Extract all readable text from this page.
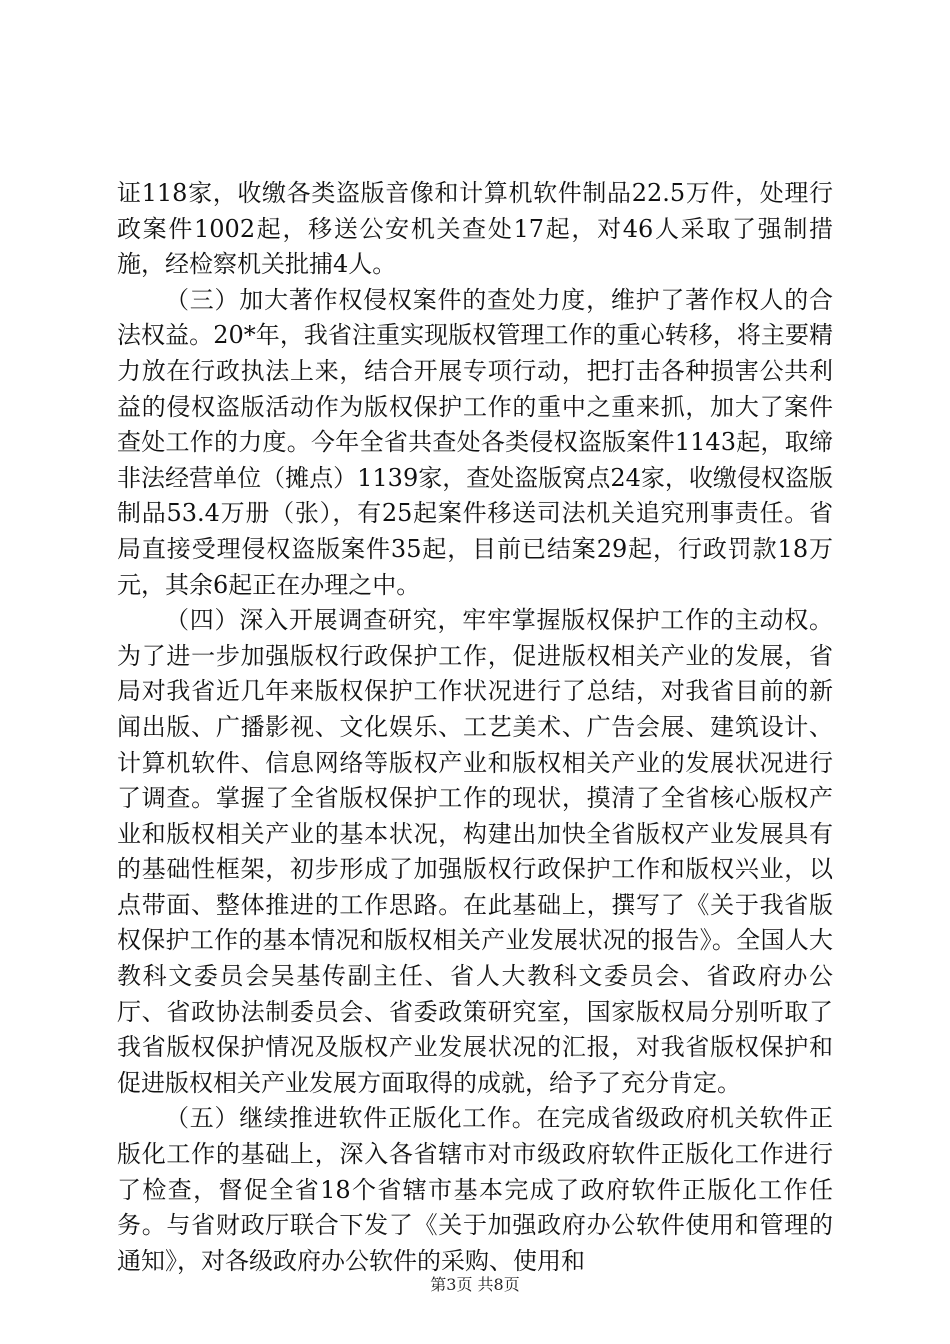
证118家，收缴各类盗版音像和计算机软件制品22.5万件，处理行政案件1002起，移送公安机关查处17起，对46人采取了强制措施，经检察机关批捕4人。

（三）加大著作权侵权案件的查处力度，维护了著作权人的合法权益。20*年，我省注重实现版权管理工作的重心转移，将主要精力放在行政执法上来，结合开展专项行动，把打击各种损害公共利益的侵权盗版活动作为版权保护工作的重中之重来抓，加大了案件查处工作的力度。今年全省共查处各类侵权盗版案件1143起，取缔非法经营单位（摊点）1139家，查处盗版窝点24家，收缴侵权盗版制品53.4万册（张），有25起案件移送司法机关追究刑事责任。省局直接受理侵权盗版案件35起，目前已结案29起，行政罚款18万元，其余6起正在办理之中。

（四）深入开展调查研究，牢牢掌握版权保护工作的主动权。为了进一步加强版权行政保护工作，促进版权相关产业的发展，省局对我省近几年来版权保护工作状况进行了总结，对我省目前的新闻出版、广播影视、文化娱乐、工艺美术、广告会展、建筑设计、计算机软件、信息网络等版权产业和版权相关产业的发展状况进行了调查。掌握了全省版权保护工作的现状，摸清了全省核心版权产业和版权相关产业的基本状况，构建出加快全省版权产业发展具有的基础性框架，初步形成了加强版权行政保护工作和版权兴业，以点带面、整体推进的工作思路。在此基础上，撰写了《关于我省版权保护工作的基本情况和版权相关产业发展状况的报告》。全国人大教科文委员会吴基传副主任、省人大教科文委员会、省政府办公厅、省政协法制委员会、省委政策研究室，国家版权局分别听取了我省版权保护情况及版权产业发展状况的汇报，对我省版权保护和促进版权相关产业发展方面取得的成就，给予了充分肯定。

（五）继续推进软件正版化工作。在完成省级政府机关软件正版化工作的基础上，深入各省辖市对市级政府软件正版化工作进行了检查，督促全省18个省辖市基本完成了政府软件正版化工作任务。与省财政厅联合下发了《关于加强政府办公软件使用和管理的通知》，对各级政府办公软件的采购、使用和

第3页 共8页
